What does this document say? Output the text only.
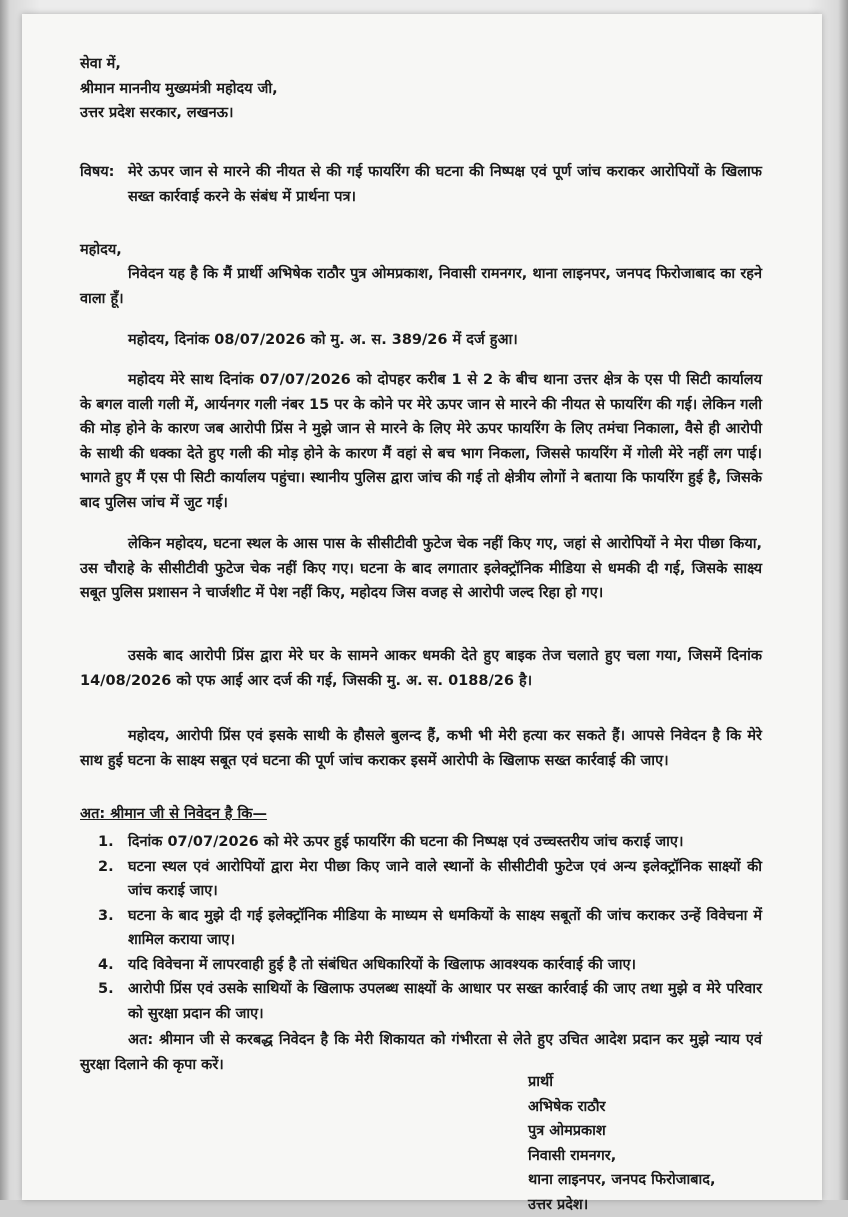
सेवा में,
श्रीमान माननीय मुख्यमंत्री महोदय जी,
उत्तर प्रदेश सरकार, लखनऊ।
विषय: मेरे ऊपर जान से मारने की नीयत से की गई फायरिंग की घटना की निष्पक्ष एवं पूर्ण जांच कराकर आरोपियों के खिलाफ सख्त कार्रवाई करने के संबंध में प्रार्थना पत्र।
महोदय,
निवेदन यह है कि मैं प्रार्थी अभिषेक राठौर पुत्र ओमप्रकाश, निवासी रामनगर, थाना लाइनपर, जनपद फिरोजाबाद का रहने वाला हूँ।
महोदय, दिनांक 08/07/2026 को मु. अ. स. 389/26 में दर्ज हुआ।
महोदय मेरे साथ दिनांक 07/07/2026 को दोपहर करीब 1 से 2 के बीच थाना उत्तर क्षेत्र के एस पी सिटी कार्यालय के बगल वाली गली में, आर्यनगर गली नंबर 15 पर के कोने पर मेरे ऊपर जान से मारने की नीयत से फायरिंग की गई। लेकिन गली की मोड़ होने के कारण जब आरोपी प्रिंस ने मुझे जान से मारने के लिए मेरे ऊपर फायरिंग के लिए तमंचा निकाला, वैसे ही आरोपी के साथी की धक्का देते हुए गली की मोड़ होने के कारण मैं वहां से बच भाग निकला, जिससे फायरिंग में गोली मेरे नहीं लग पाई। भागते हुए मैं एस पी सिटी कार्यालय पहुंचा। स्थानीय पुलिस द्वारा जांच की गई तो क्षेत्रीय लोगों ने बताया कि फायरिंग हुई है, जिसके बाद पुलिस जांच में जुट गई।
लेकिन महोदय, घटना स्थल के आस पास के सीसीटीवी फुटेज चेक नहीं किए गए, जहां से आरोपियों ने मेरा पीछा किया, उस चौराहे के सीसीटीवी फुटेज चेक नहीं किए गए। घटना के बाद लगातार इलेक्ट्रॉनिक मीडिया से धमकी दी गई, जिसके साक्ष्य सबूत पुलिस प्रशासन ने चार्जशीट में पेश नहीं किए, महोदय जिस वजह से आरोपी जल्द रिहा हो गए।
उसके बाद आरोपी प्रिंस द्वारा मेरे घर के सामने आकर धमकी देते हुए बाइक तेज चलाते हुए चला गया, जिसमें दिनांक 14/08/2026 को एफ आई आर दर्ज की गई, जिसकी मु. अ. स. 0188/26 है।
महोदय, आरोपी प्रिंस एवं इसके साथी के हौसले बुलन्द हैं, कभी भी मेरी हत्या कर सकते हैं। आपसे निवेदन है कि मेरे साथ हुई घटना के साक्ष्य सबूत एवं घटना की पूर्ण जांच कराकर इसमें आरोपी के खिलाफ सख्त कार्रवाई की जाए।
अत: श्रीमान जी से निवेदन है कि—
1. दिनांक 07/07/2026 को मेरे ऊपर हुई फायरिंग की घटना की निष्पक्ष एवं उच्चस्तरीय जांच कराई जाए।
2. घटना स्थल एवं आरोपियों द्वारा मेरा पीछा किए जाने वाले स्थानों के सीसीटीवी फुटेज एवं अन्य इलेक्ट्रॉनिक साक्ष्यों की जांच कराई जाए।
3. घटना के बाद मुझे दी गई इलेक्ट्रॉनिक मीडिया के माध्यम से धमकियों के साक्ष्य सबूतों की जांच कराकर उन्हें विवेचना में शामिल कराया जाए।
4. यदि विवेचना में लापरवाही हुई है तो संबंधित अधिकारियों के खिलाफ आवश्यक कार्रवाई की जाए।
5. आरोपी प्रिंस एवं उसके साथियों के खिलाफ उपलब्ध साक्ष्यों के आधार पर सख्त कार्रवाई की जाए तथा मुझे व मेरे परिवार को सुरक्षा प्रदान की जाए।
अत: श्रीमान जी से करबद्ध निवेदन है कि मेरी शिकायत को गंभीरता से लेते हुए उचित आदेश प्रदान कर मुझे न्याय एवं सुरक्षा दिलाने की कृपा करें।
प्रार्थी
अभिषेक राठौर
पुत्र ओमप्रकाश
निवासी रामनगर,
थाना लाइनपर, जनपद फिरोजाबाद,
उत्तर प्रदेश।
